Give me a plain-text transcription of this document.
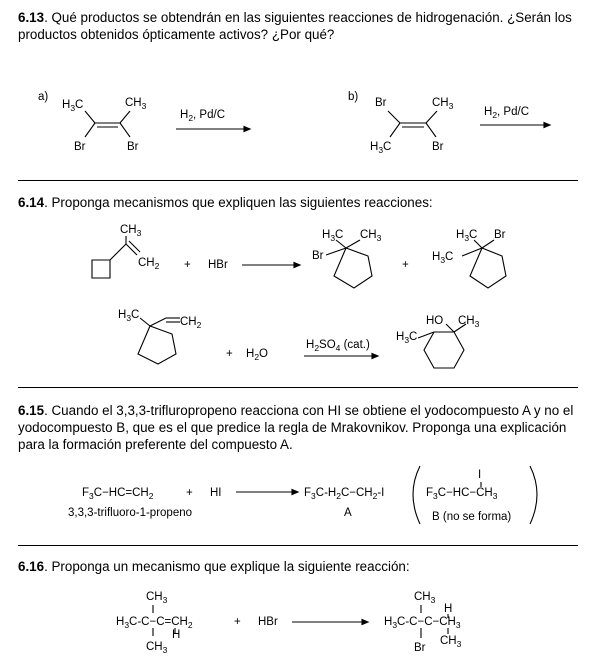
6.13. Qué productos se obtendrán en las siguientes reacciones de hidrogenación. ¿Serán los productos obtenidos ópticamente activos? ¿Por qué?
a)
$H_3C$	$CH_3$
Br	Br
$H_2$, Pd/C
b) Br	$CH_3$
$H_3C$	Br
$H_2$, Pd/C
6.14. Proponga mecanismos que expliquen las siguientes reacciones:
$CH_3$
$CH_2$ + HBr
$H_3C$ $CH_3$
Br
+
$H_3C$ Br
$H_3C$
$H_3C$
$CH_2$
+ $H_2O$
$H_2SO_4$ (cat.)
HO $CH_3$
$H_3C$
6.15. Cuando el 3,3,3-trifluropropeno reacciona con HI se obtiene el yodocompuesto A y no el yodocompuesto B, que es el que predice la regla de Mrakovnikov. Proponga una explicación para la formación preferente del compuesto A.
$F_3C-HC=CH_2$	+ HI
3,3,3-trifluoro-1-propeno
$F_3C-H_2C-CH_2-I$
A
I
$F_3C-HC-CH_3$
B (no se forma)
6.16. Proponga un mecanismo que explique la siguiente reacción:
$CH_3$
$H_3C-C-C=CH_2$
H
$CH_3$
+ HBr
$CH_3$
H
$H_3C-C-C-CH_3$
$CH_3$
Br
